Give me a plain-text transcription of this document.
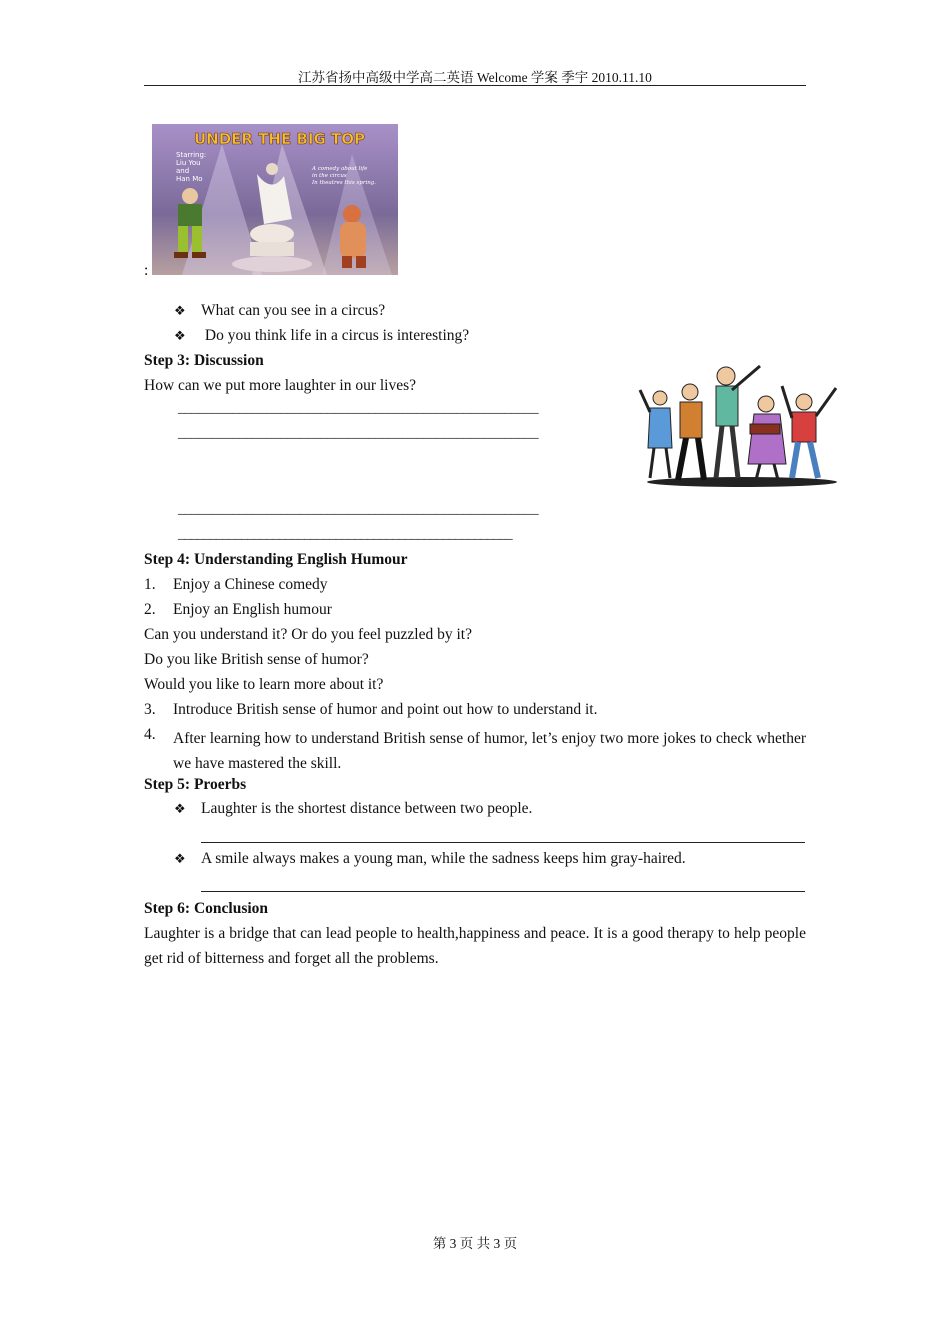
江苏省扬中高级中学高二英语 Welcome 学案 季宇 2010.11.10
UNDER THE BIG TOP
Starring:
Liu You
and
Han Mo
A comedy about life
in the circus
In theatres this spring.
:
❖ What can you see in a circus?
❖ Do you think life in a circus is interesting?
Step 3: Discussion
How can we put more laughter in our lives?
_____________________________________________________
_____________________________________________________
_____________________________________________________
_____________________________________________________
Step 4: Understanding English Humour
1. Enjoy a Chinese comedy
2. Enjoy an English humour
Can you understand it? Or do you feel puzzled by it?
Do you like British sense of humor?
Would you like to learn more about it?
3. Introduce British sense of humor and point out how to understand it.
4. After learning how to understand British sense of humor, let’s enjoy two more jokes to check whether we have mastered the skill.
Step 5: Proerbs
❖ Laughter is the shortest distance between two people.
❖ A smile always makes a young man, while the sadness keeps him gray-haired.
Step 6: Conclusion
Laughter is a bridge that can lead people to health,happiness and peace. It is a good therapy to help people get rid of bitterness and forget all the problems.
第 3 页 共 3 页
